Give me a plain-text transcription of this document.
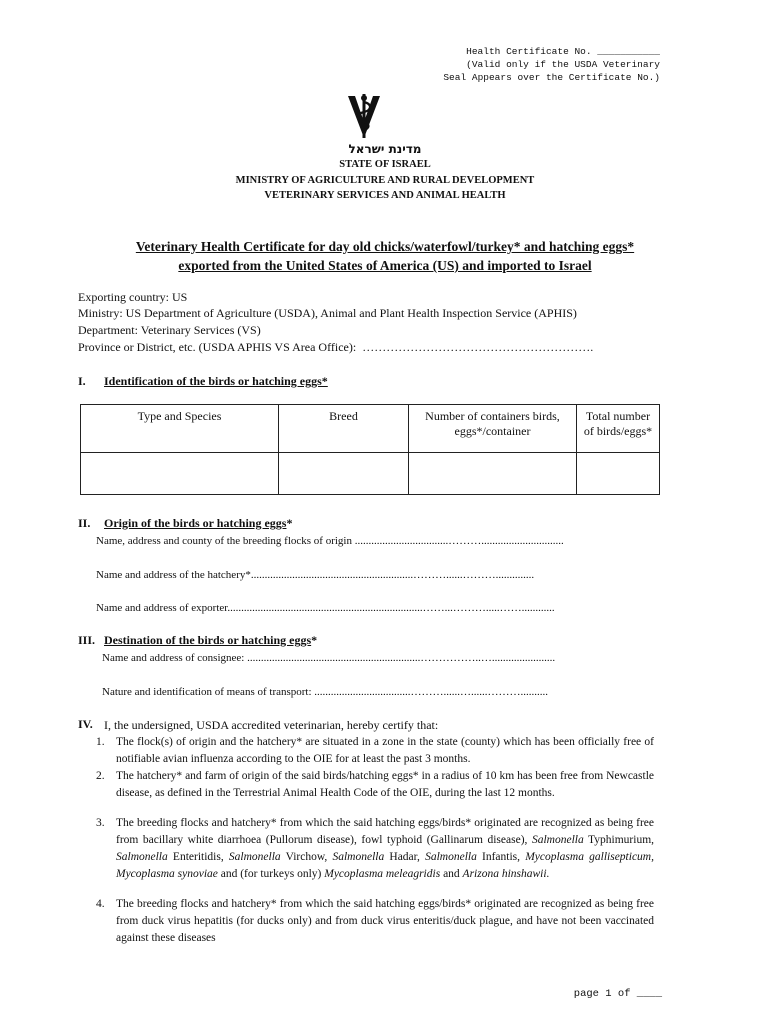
Health Certificate No. ___________
(Valid only if the USDA Veterinary
Seal Appears over the Certificate No.)
מדינת ישראל
STATE OF ISRAEL
MINISTRY OF AGRICULTURE AND RURAL DEVELOPMENT
VETERINARY SERVICES AND ANIMAL HEALTH
Veterinary Health Certificate for day old chicks/waterfowl/turkey* and hatching eggs*
exported from the United States of America (US) and imported to Israel
Exporting country: US
Ministry: US Department of Agriculture (USDA), Animal and Plant Health Inspection Service (APHIS)
Department: Veterinary Services (VS)
Province or District, etc. (USDA APHIS VS Area Office): ………………………………………………….
I. Identification of the birds or hatching eggs*
Type and Species	Breed	Number of containers birds, eggs*/container	Total number of birds/eggs*

II. Origin of the birds or hatching eggs*
Name, address and county of the breeding flocks of origin ..................................………..............................
Name and address of the hatchery*...........................................................………......………..............
Name and address of exporter.......................................................................……...……….....……............
III. Destination of the birds or hatching eggs*
Name and address of consignee: ...............................................................……………..….......................
Nature and identification of means of transport: ...................................………......…......………..........
IV. I, the undersigned, USDA accredited veterinarian, hereby certify that:
1. The flock(s) of origin and the hatchery* are situated in a zone in the state (county) which has been officially free of notifiable avian influenza according to the OIE for at least the past 3 months.
2. The hatchery* and farm of origin of the said birds/hatching eggs* in a radius of 10 km has been free from Newcastle disease, as defined in the Terrestrial Animal Health Code of the OIE, during the last 12 months.
3. The breeding flocks and hatchery* from which the said hatching eggs/birds* originated are recognized as being free from bacillary white diarrhoea (Pullorum disease), fowl typhoid (Gallinarum disease), Salmonella Typhimurium, Salmonella Enteritidis, Salmonella Virchow, Salmonella Hadar, Salmonella Infantis, Mycoplasma gallisepticum, Mycoplasma synoviae and (for turkeys only) Mycoplasma meleagridis and Arizona hinshawii.
4. The breeding flocks and hatchery* from which the said hatching eggs/birds* originated are recognized as being free from duck virus hepatitis (for ducks only) and from duck virus enteritis/duck plague, and have not been vaccinated against these diseases
page 1 of ____
